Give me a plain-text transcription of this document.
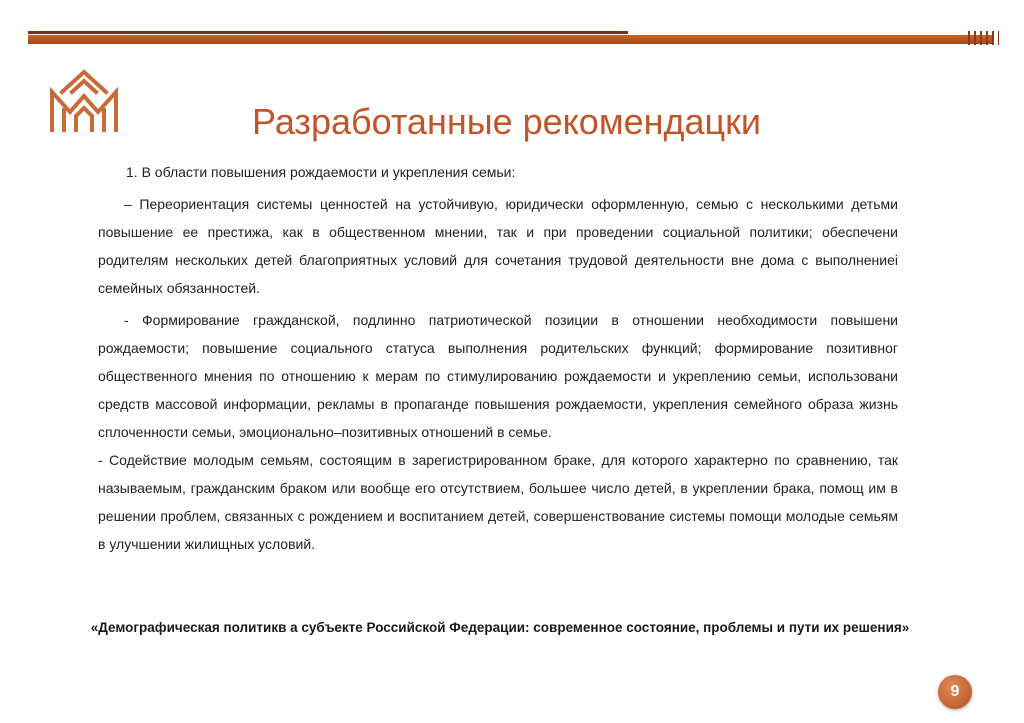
Разработанные рекомендацки

1. В области повышения рождаемости и укрепления семьи:

– Переориентация системы ценностей на устойчивую, юридически оформленную, семью с несколькими детьми повышение ее престижа, как в общественном мнении, так и при проведении социальной политики; обеспечени родителям нескольких детей благоприятных условий для сочетания трудовой деятельности вне дома с выполнениеі семейных обязанностей.

- Формирование гражданской, подлинно патриотической позиции в отношении необходимости повышени рождаемости; повышение социального статуса выполнения родительских функций; формирование позитивног общественного мнения по отношению к мерам по стимулированию рождаемости и укреплению семьи, использовани средств массовой информации, рекламы в пропаганде повышения рождаемости, укрепления семейного образа жизнь сплоченности семьи, эмоционально–позитивных отношений в семье.

- Содействие молодым семьям, состоящим в зарегистрированном браке, для которого характерно по сравнению, так называемым, гражданским браком или вообще его отсутствием, большее число детей, в укреплении брака, помощ им в решении проблем, связанных с рождением и воспитанием детей, совершенствование системы помощи молодые семьям в улучшении жилищных условий.

«Демографическая политикв а субъекте Российской Федерации: современное состояние, проблемы и пути их решения»
9
